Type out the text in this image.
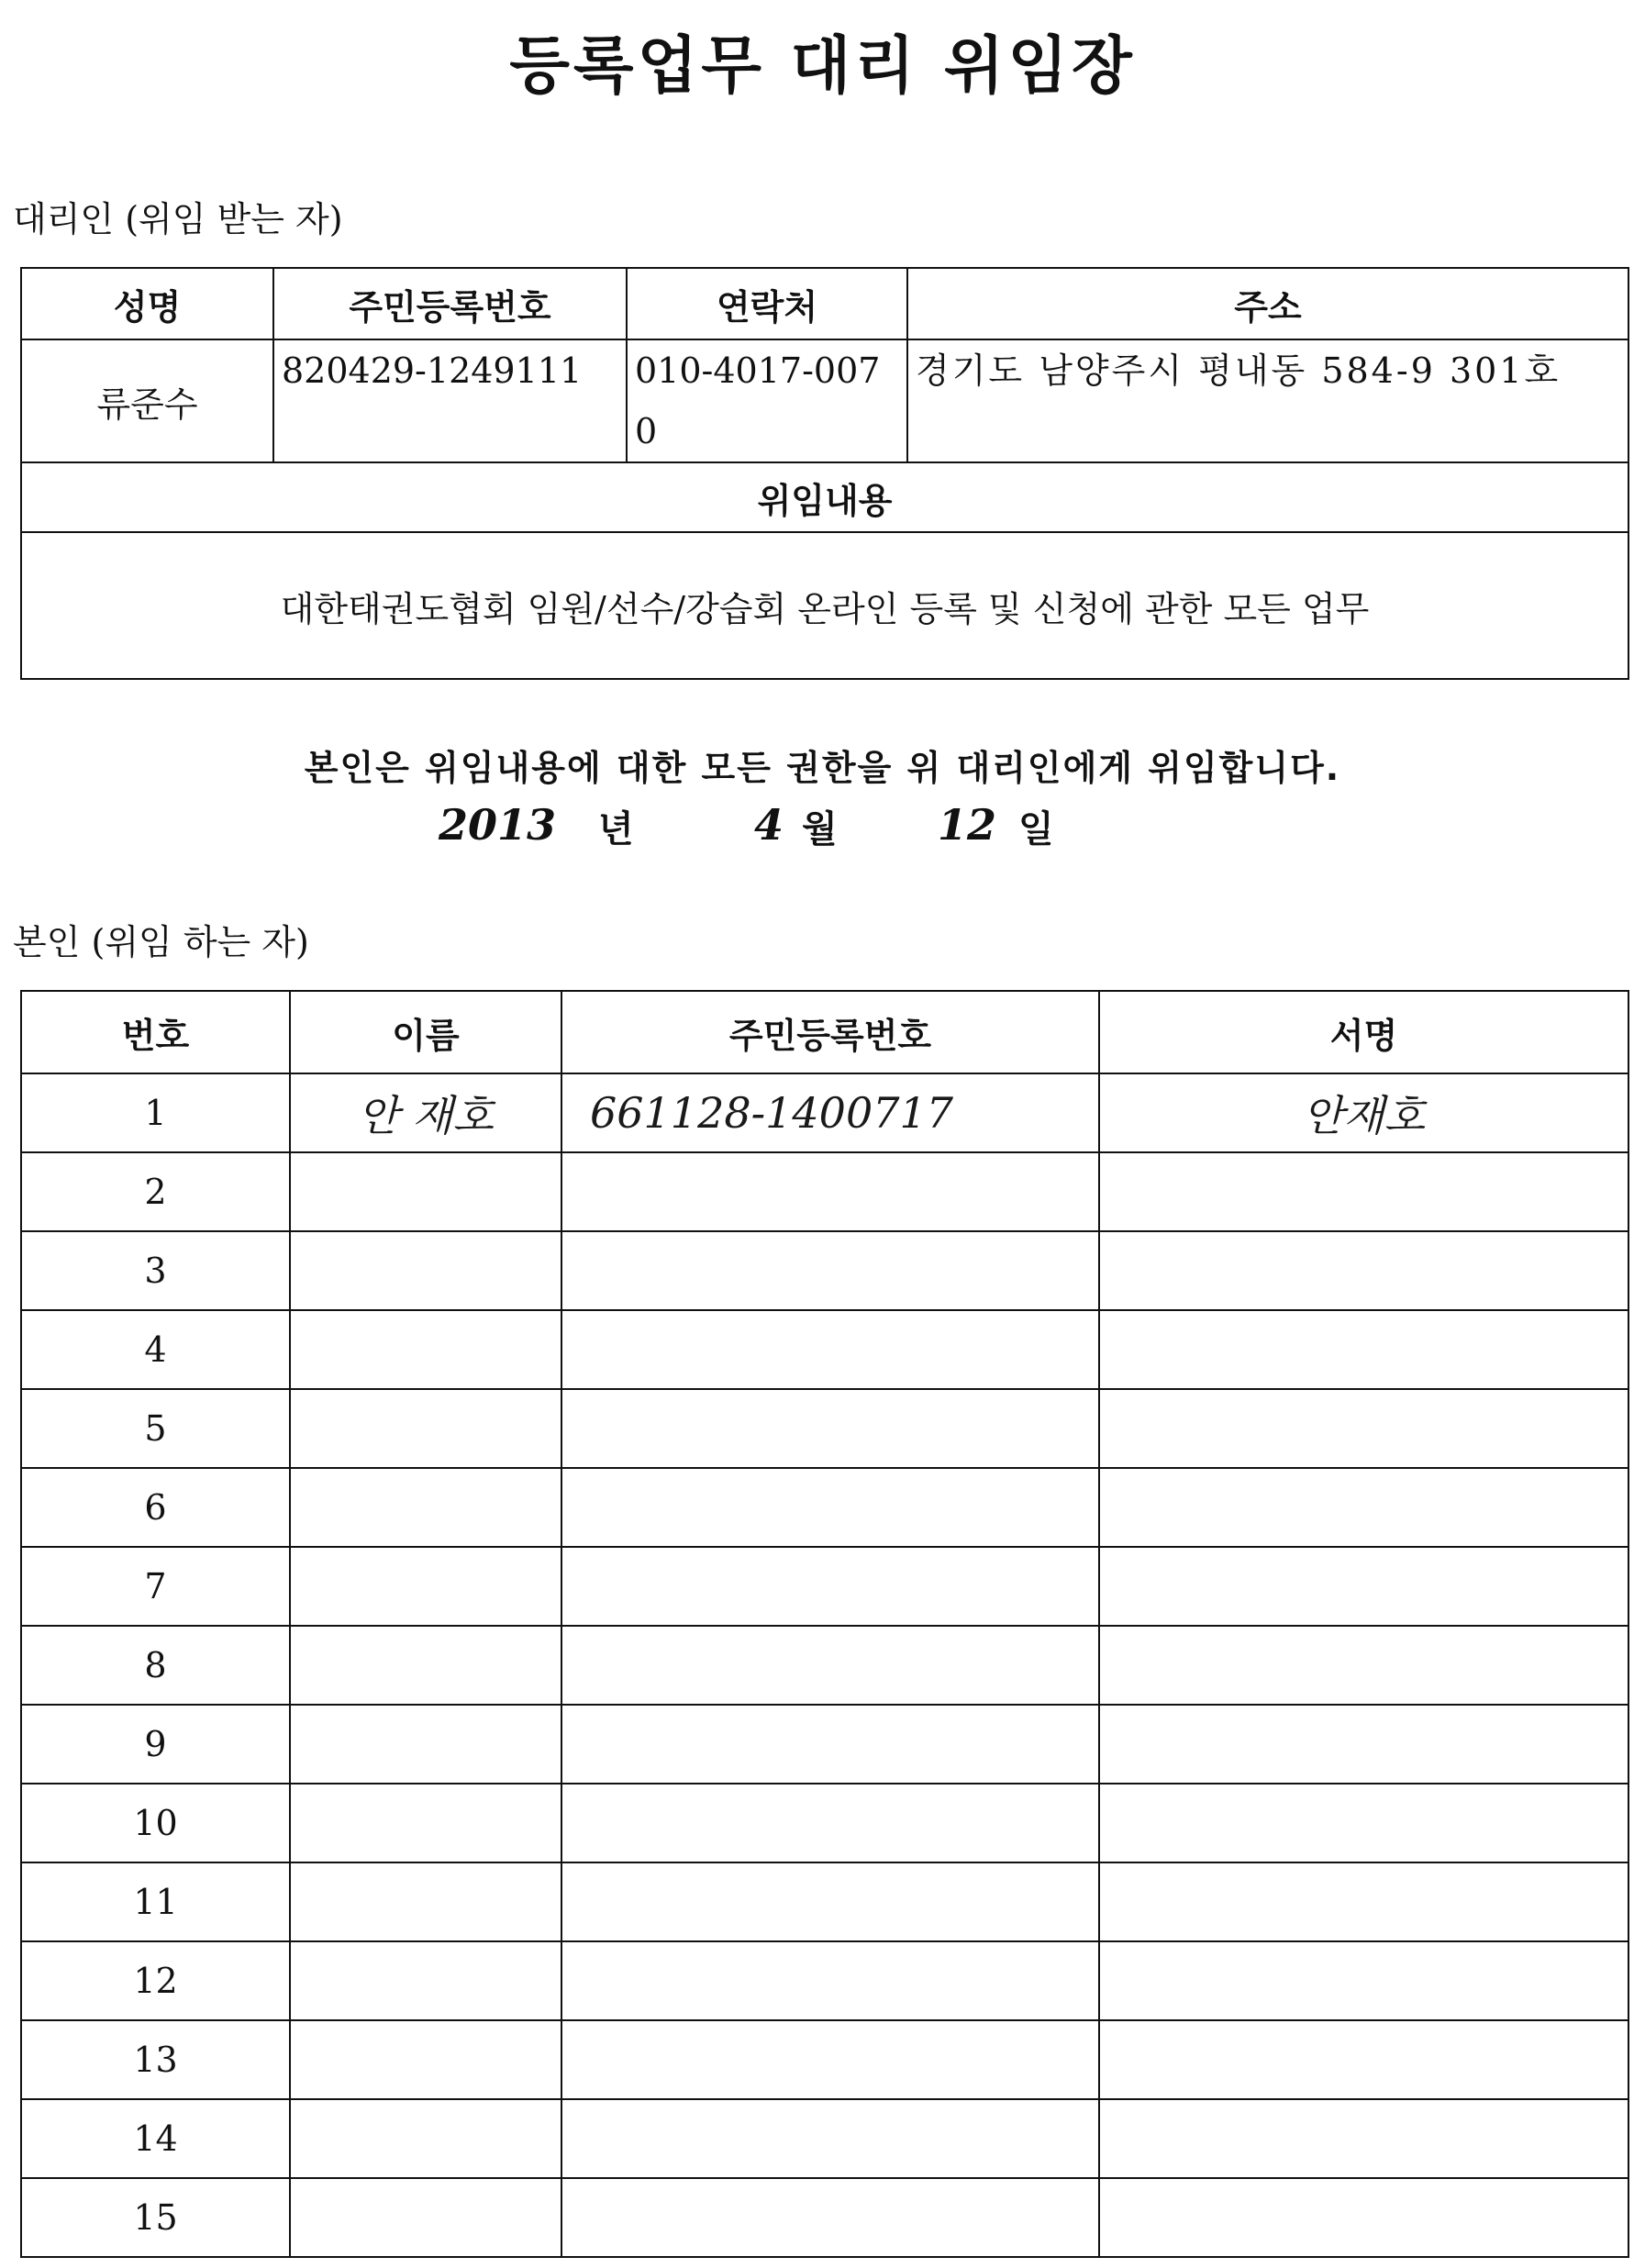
등록업무 대리 위임장
대리인 (위임 받는 자)
성명	주민등록번호	연락처	주소
류준수	820429-1249111	010-4017-0070	경기도 남양주시 평내동 584-9 301호
위임내용			
대한태권도협회 임원/선수/강습회 온라인 등록 및 신청에 관한 모든 업무			
본인은 위임내용에 대한 모든 권한을 위 대리인에게 위임합니다.
2013 년	4 월 12 일
본인 (위임 하는 자)
번호	이름	주민등록번호	서명
1	안 재호	661128-1400717	안재호
2			
3			
4			
5			
6			
7			
8			
9			
10			
11			
12			
13			
14			
15			
